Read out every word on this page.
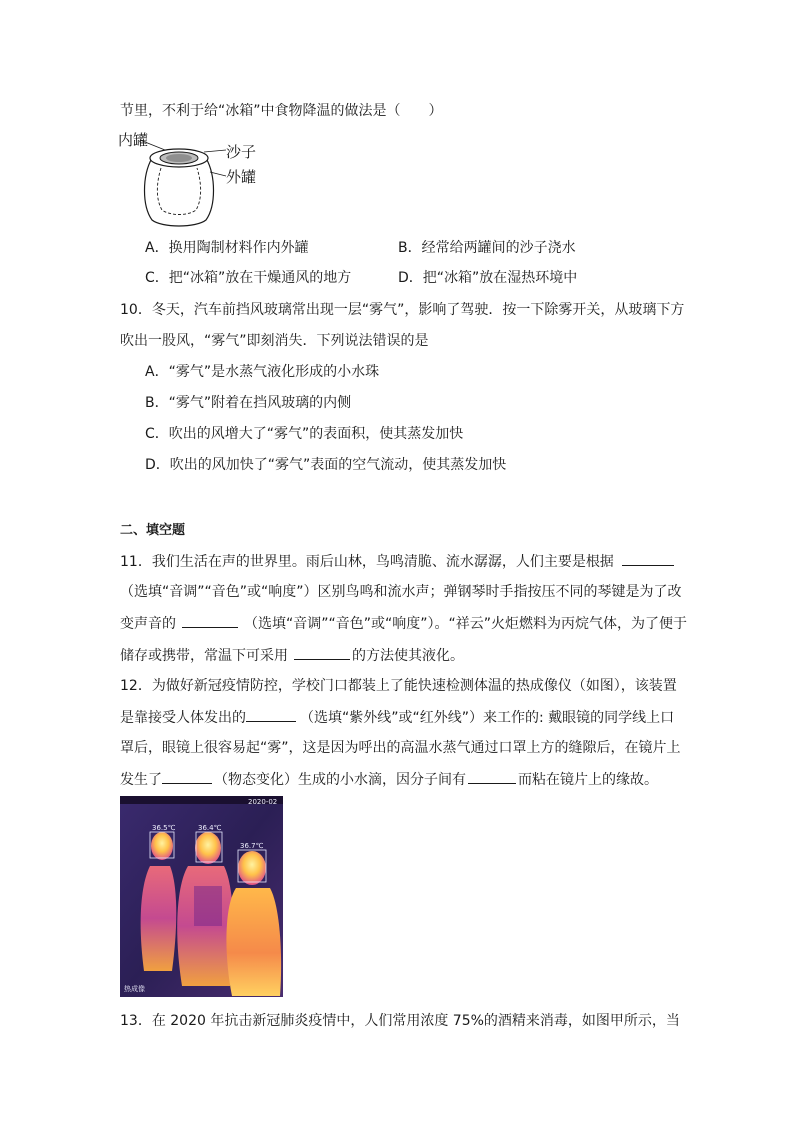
节里，不利于给“冰箱”中食物降温的做法是（　　）
内罐
沙子
外罐
A．换用陶制材料作内外罐	B．经常给两罐间的沙子浇水
C．把“冰箱”放在干燥通风的地方	D．把“冰箱”放在湿热环境中
10．冬天，汽车前挡风玻璃常出现一层“雾气”，影响了驾驶．按一下除雾开关，从玻璃下方
吹出一股风，“雾气”即刻消失．下列说法错误的是
A．“雾气”是水蒸气液化形成的小水珠
B．“雾气”附着在挡风玻璃的内侧
C．吹出的风增大了“雾气”的表面积，使其蒸发加快
D．吹出的风加快了“雾气”表面的空气流动，使其蒸发加快
二、填空题
11．我们生活在声的世界里。雨后山林，鸟鸣清脆、流水潺潺，人们主要是根据
（选填“音调”“音色”或“响度”）区别鸟鸣和流水声；弹钢琴时手指按压不同的琴键是为了改
变声音的	（选填“音调”“音色”或“响度”）。“祥云”火炬燃料为丙烷气体，为了便于
储存或携带，常温下可采用	的方法使其液化。
12．为做好新冠疫情防控，学校门口都装上了能快速检测体温的热成像仪（如图），该装置
是靠接受人体发出的	（选填“紫外线”或“红外线”）来工作的: 戴眼镜的同学线上口
罩后，眼镜上很容易起“雾”，这是因为呼出的高温水蒸气通过口罩上方的缝隙后，在镜片上
发生了	（物态变化）生成的小水滴，因分子间有	而粘在镜片上的缘故。
2020-02
36.5℃	36.4℃
36.7℃
热成像
13．在 2020 年抗击新冠肺炎疫情中，人们常用浓度 75%的酒精来消毒，如图甲所示，当
